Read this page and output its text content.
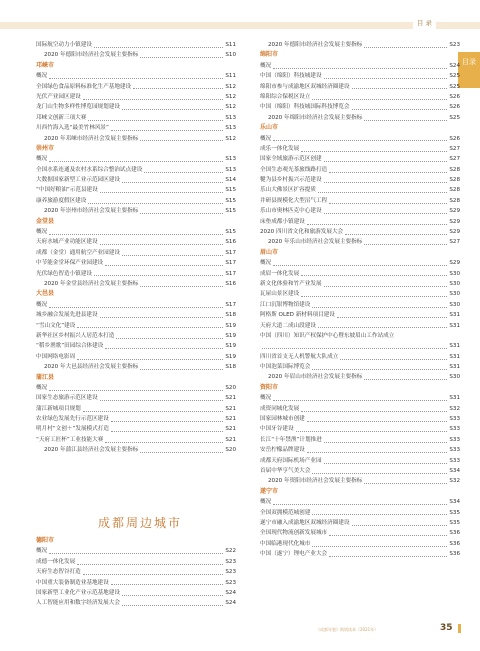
目 录
目录
国际航空动力小镇建设	S11
2020 年德阳市经济社会发展主要指标	S10
邛崃市
概况	S11
全国绿色食品原料标准化生产基地建设	S12
光伏产业园区建设	S12
龙门山生物多样性博览园规划建设	S12
邛崃文创新三项大赛	S13
川西竹海入选“最美竹林风景”	S13
2020 年邛崃市经济社会发展主要指标	S12
崇州市
概况	S13
全国水系连通及农村水系综合整治试点建设	S13
大数据国家新型工业示范园区建设	S14
“中国好粮油”示范县建设	S15
康养旅游度假区建设	S15
2020 年崇州市经济社会发展主要指标	S15
金堂县
概况	S15
天府水城产业功能区建设	S16
成都（金堂）通用航空产业园建设	S17
中节能金堂环保产业园建设	S17
光伏绿色智造小镇建设	S17
2020 年金堂县经济社会发展主要指标	S16
大邑县
概况	S17
城乡融合发展先进县建设	S18
“雪山文化”建设	S19
新华社区乡村振兴人居范本打造	S19
“稻乡渔歌”田园综合体建设	S19
中国网络电影周	S19
2020 年大邑县经济社会发展主要指标	S18
蒲江县
概况	S20
国家生态旅游示范区建设	S21
蒲江新城项目规划	S21
农业绿色发展先行示范区建设	S21
明月村“文创＋”发展模式打造	S21
“天府工匠杯”工业技能大赛	S21
2020 年蒲江县经济社会发展主要指标	S20
成都周边城市
德阳市
概况	S22
成德一体化发展	S23
天府生态智谷打造	S23
中国重大装备制造业基地建设	S23
国家新型工业化产业示范基地建设	S24
人工智能应用和数字经济发展大会	S24
2020 年德阳市经济社会发展主要指标	S23
绵阳市
概况	S24
中国（绵阳）科技城建设	S25
绵阳市参与成渝地区双城经济圈建设	S25
绵阳综合保税区设立	S26
中国（绵阳）科技城国际科技博览会	S26
2020 年绵阳市经济社会发展主要指标	S25
乐山市
概况	S26
成乐一体化发展	S27
国家全域旅游示范区创建	S27
全国生态观光茶旅线路打造	S28
犍为县乡村振兴示范建设	S28
乐山大佛景区扩容提质	S28
井研县规模化大型沼气工程	S28
乐山市奥林匹克中心建设	S29
床垫成都小镇建设	S29
2020 四川省文化和旅游发展大会	S29
2020 年乐山市经济社会发展主要指标	S27
眉山市
概况	S29
成眉一体化发展	S30
新文化体验和竹产业发展	S30
瓦屋山景区建设	S30
江口沉银博物馆建设	S30
阿格斯 OLED 新材料项目建设	S31
天府大道二成山段建设	S31
中国（四川）知识产权保护中心暨东坡眉山工作站成立
S31
四川省首支无人机警航大队成立	S31
中国泡菜国际博览会	S31
2020 年眉山市经济社会发展主要指标	S30
资阳市
概况	S31
成资同城化发展	S32
国家园林城市创建	S33
中国牙谷建设	S33
长江“十年禁渔”计划推进	S33
安岳柠檬品牌建设	S33
成都天府国际机场产业园	S33
首届中华亨气美大会	S34
2020 年资阳市经济社会发展主要指标	S32
遂宁市
概况	S34
全国双拥模范城创建	S35
遂宁市融入成渝地区双城经济圈建设	S35
全国现代物流创新发展城市	S36
中国临港现代化城市	S36
中国（遂宁）锂电产业大会	S36
《成都年鉴》简明读本（2021年）	35
